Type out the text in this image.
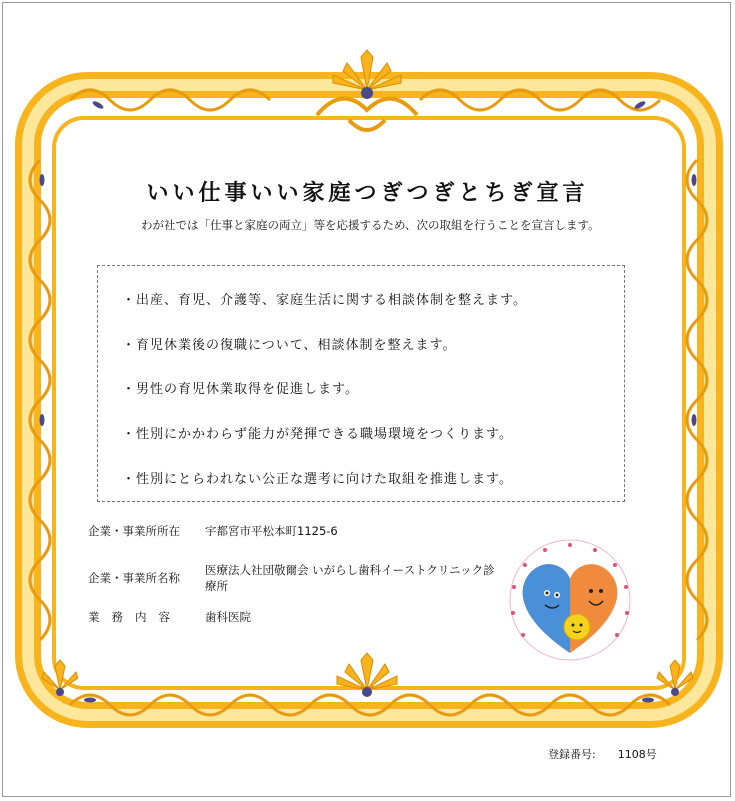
いい仕事いい家庭つぎつぎとちぎ宣言
わが社では「仕事と家庭の両立」等を応援するため、次の取組を行うことを宣言します。
・出産、育児、介護等、家庭生活に関する相談体制を整えます。
・育児休業後の復職について、相談体制を整えます。
・男性の育児休業取得を促進します。
・性別にかかわらず能力が発揮できる職場環境をつくります。
・性別にとらわれない公正な選考に向けた取組を推進します。
企業・事業所所在	宇都宮市平松本町1125-6
企業・事業所名称
医療法人社団敬爾会 いがらし歯科イーストクリニック診療所
業務内容	歯科医院
登録番号: 1108号
